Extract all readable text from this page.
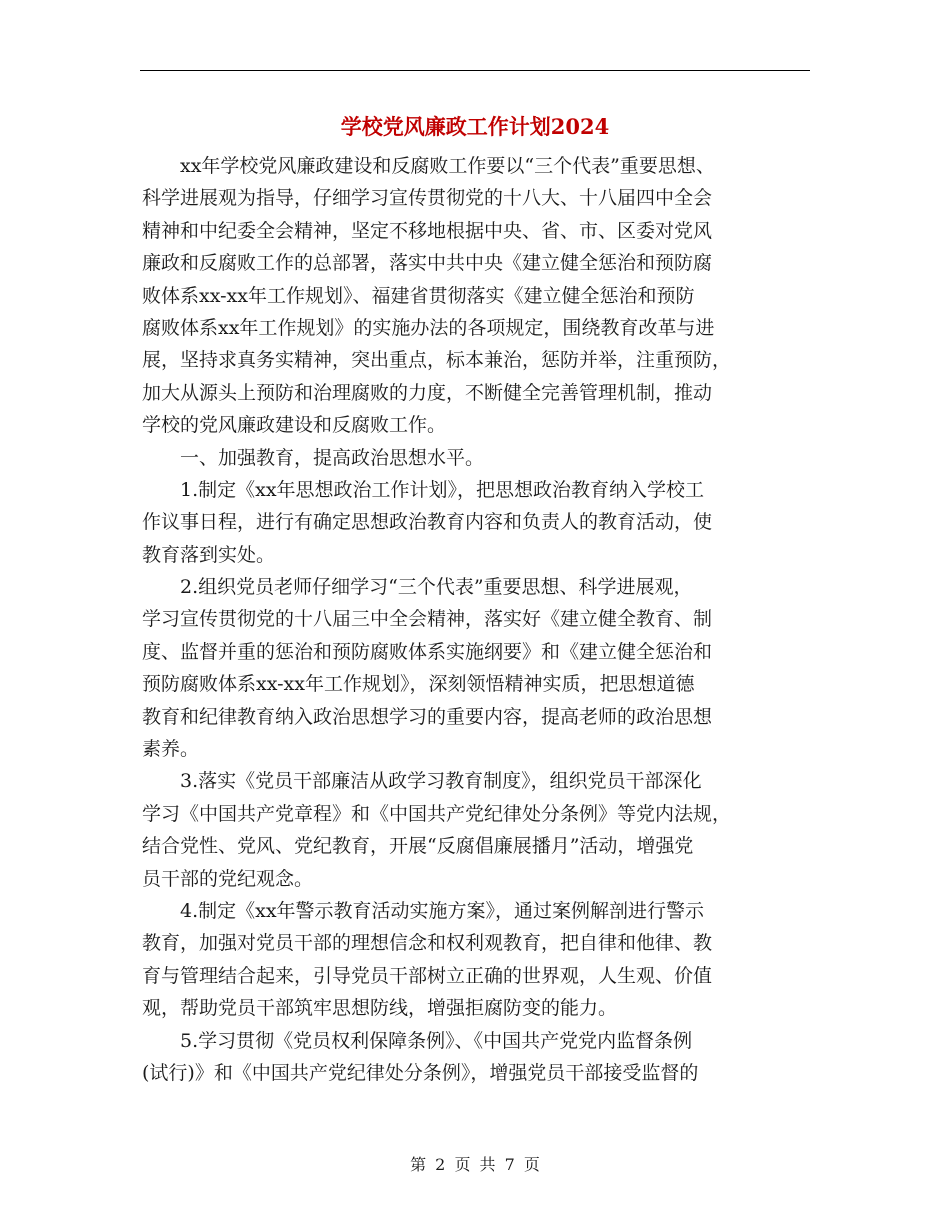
学校党风廉政工作计划2024
　　xx年学校党风廉政建设和反腐败工作要以“三个代表”重要思想、
科学进展观为指导，仔细学习宣传贯彻党的十八大、十八届四中全会
精神和中纪委全会精神，坚定不移地根据中央、省、市、区委对党风
廉政和反腐败工作的总部署，落实中共中央《建立健全惩治和预防腐
败体系xx-xx年工作规划》、福建省贯彻落实《建立健全惩治和预防
腐败体系xx年工作规划》的实施办法的各项规定，围绕教育改革与进
展，坚持求真务实精神，突出重点，标本兼治，惩防并举，注重预防，
加大从源头上预防和治理腐败的力度，不断健全完善管理机制，推动
学校的党风廉政建设和反腐败工作。
　　一、加强教育，提高政治思想水平。
　　1.制定《xx年思想政治工作计划》，把思想政治教育纳入学校工
作议事日程，进行有确定思想政治教育内容和负责人的教育活动，使
教育落到实处。
　　2.组织党员老师仔细学习“三个代表”重要思想、科学进展观，
学习宣传贯彻党的十八届三中全会精神，落实好《建立健全教育、制
度、监督并重的惩治和预防腐败体系实施纲要》和《建立健全惩治和
预防腐败体系xx-xx年工作规划》，深刻领悟精神实质，把思想道德
教育和纪律教育纳入政治思想学习的重要内容，提高老师的政治思想
素养。
　　3.落实《党员干部廉洁从政学习教育制度》，组织党员干部深化
学习《中国共产党章程》和《中国共产党纪律处分条例》等党内法规，
结合党性、党风、党纪教育，开展“反腐倡廉展播月”活动，增强党
员干部的党纪观念。
　　4.制定《xx年警示教育活动实施方案》，通过案例解剖进行警示
教育，加强对党员干部的理想信念和权利观教育，把自律和他律、教
育与管理结合起来，引导党员干部树立正确的世界观，人生观、价值
观，帮助党员干部筑牢思想防线，增强拒腐防变的能力。
　　5.学习贯彻《党员权利保障条例》、《中国共产党党内监督条例
(试行)》和《中国共产党纪律处分条例》，增强党员干部接受监督的
第 2 页 共 7 页
